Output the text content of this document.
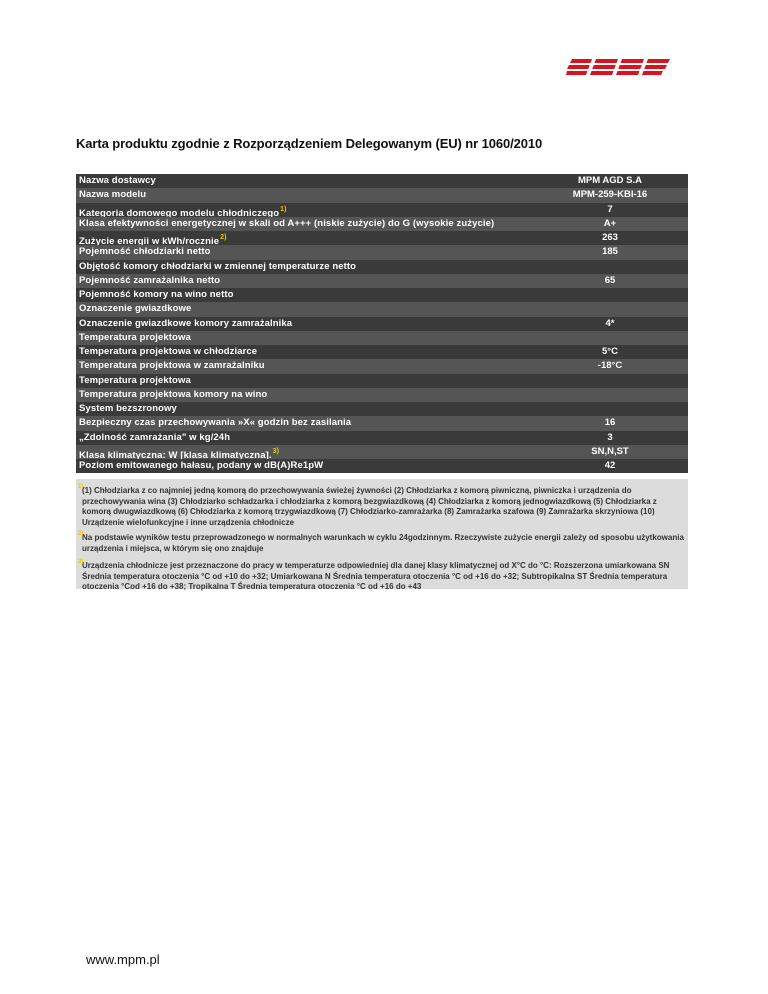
Karta produktu zgodnie z Rozporządzeniem Delegowanym (EU) nr 1060/2010
Nazwa dostawcy	MPM AGD S.A
Nazwa modelu	MPM-259-KBI-16
Kategoria domowego modelu chłodniczego$^{1)}$	7
Klasa efektywności energetycznej w skali od A+++ (niskie zużycie) do G (wysokie zużycie)	A+
Zużycie energii w kWh/rocznie$^{2)}$	263
Pojemność chłodziarki netto	185
Objętość komory chłodziarki w zmiennej temperaturze netto
Pojemność zamrażalnika netto	65
Pojemność komory na wino netto
Oznaczenie gwiazdkowe
Oznaczenie gwiazdkowe komory zamrażalnika	4*
Temperatura projektowa
Temperatura projektowa w chłodziarce	5°C
Temperatura projektowa w zamrażalniku	-18°C
Temperatura projektowa
Temperatura projektowa komory na wino
System bezszronowy
Bezpieczny czas przechowywania »X« godzin bez zasilania	16
„Zdolność zamrażania" w kg/24h	3
Klasa klimatyczna: W [klasa klimatyczna].$^{3)}$	SN,N,ST
Poziom emitowanego hałasu, podany w dB(A)Re1pW	42
1)
(1) Chłodziarka z co najmniej jedną komorą do przechowywania świeżej żywności (2) Chłodziarka z komorą piwniczną, piwniczka i urządzenia do przechowywania wina (3) Chłodziarko schładzarka i chłodziarka z komorą bezgwiazdkową (4) Chłodziarka z komorą jednogwiazdkową (5) Chłodziarka z komorą dwugwiazdkową (6) Chłodziarka z komorą trzygwiazdkową (7) Chłodziarko-zamrażarka (8) Zamrażarka szafowa (9) Zamrażarka skrzyniowa (10) Urządzenie wielofunkcyjne i inne urządzenia chłodnicze
2)
Na podstawie wyników testu przeprowadzonego w normalnych warunkach w cyklu 24godzinnym. Rzeczywiste zużycie energii zależy od sposobu użytkowania urządzenia i miejsca, w którym się ono znajduje
3)
Urządzenia chłodnicze jest przeznaczone do pracy w temperaturze odpowiedniej dla danej klasy klimatycznej od X°C do °C: Rozszerzona umiarkowana SN Średnia temperatura otoczenia °C od +10 do +32; Umiarkowana N Średnia temperatura otoczenia °C od +16 do +32; Subtropikalna ST Średnia temperatura otoczenia °Cod +16 do +38; Tropikalna T Średnia temperatura otoczenia °C od +16 do +43
www.mpm.pl
